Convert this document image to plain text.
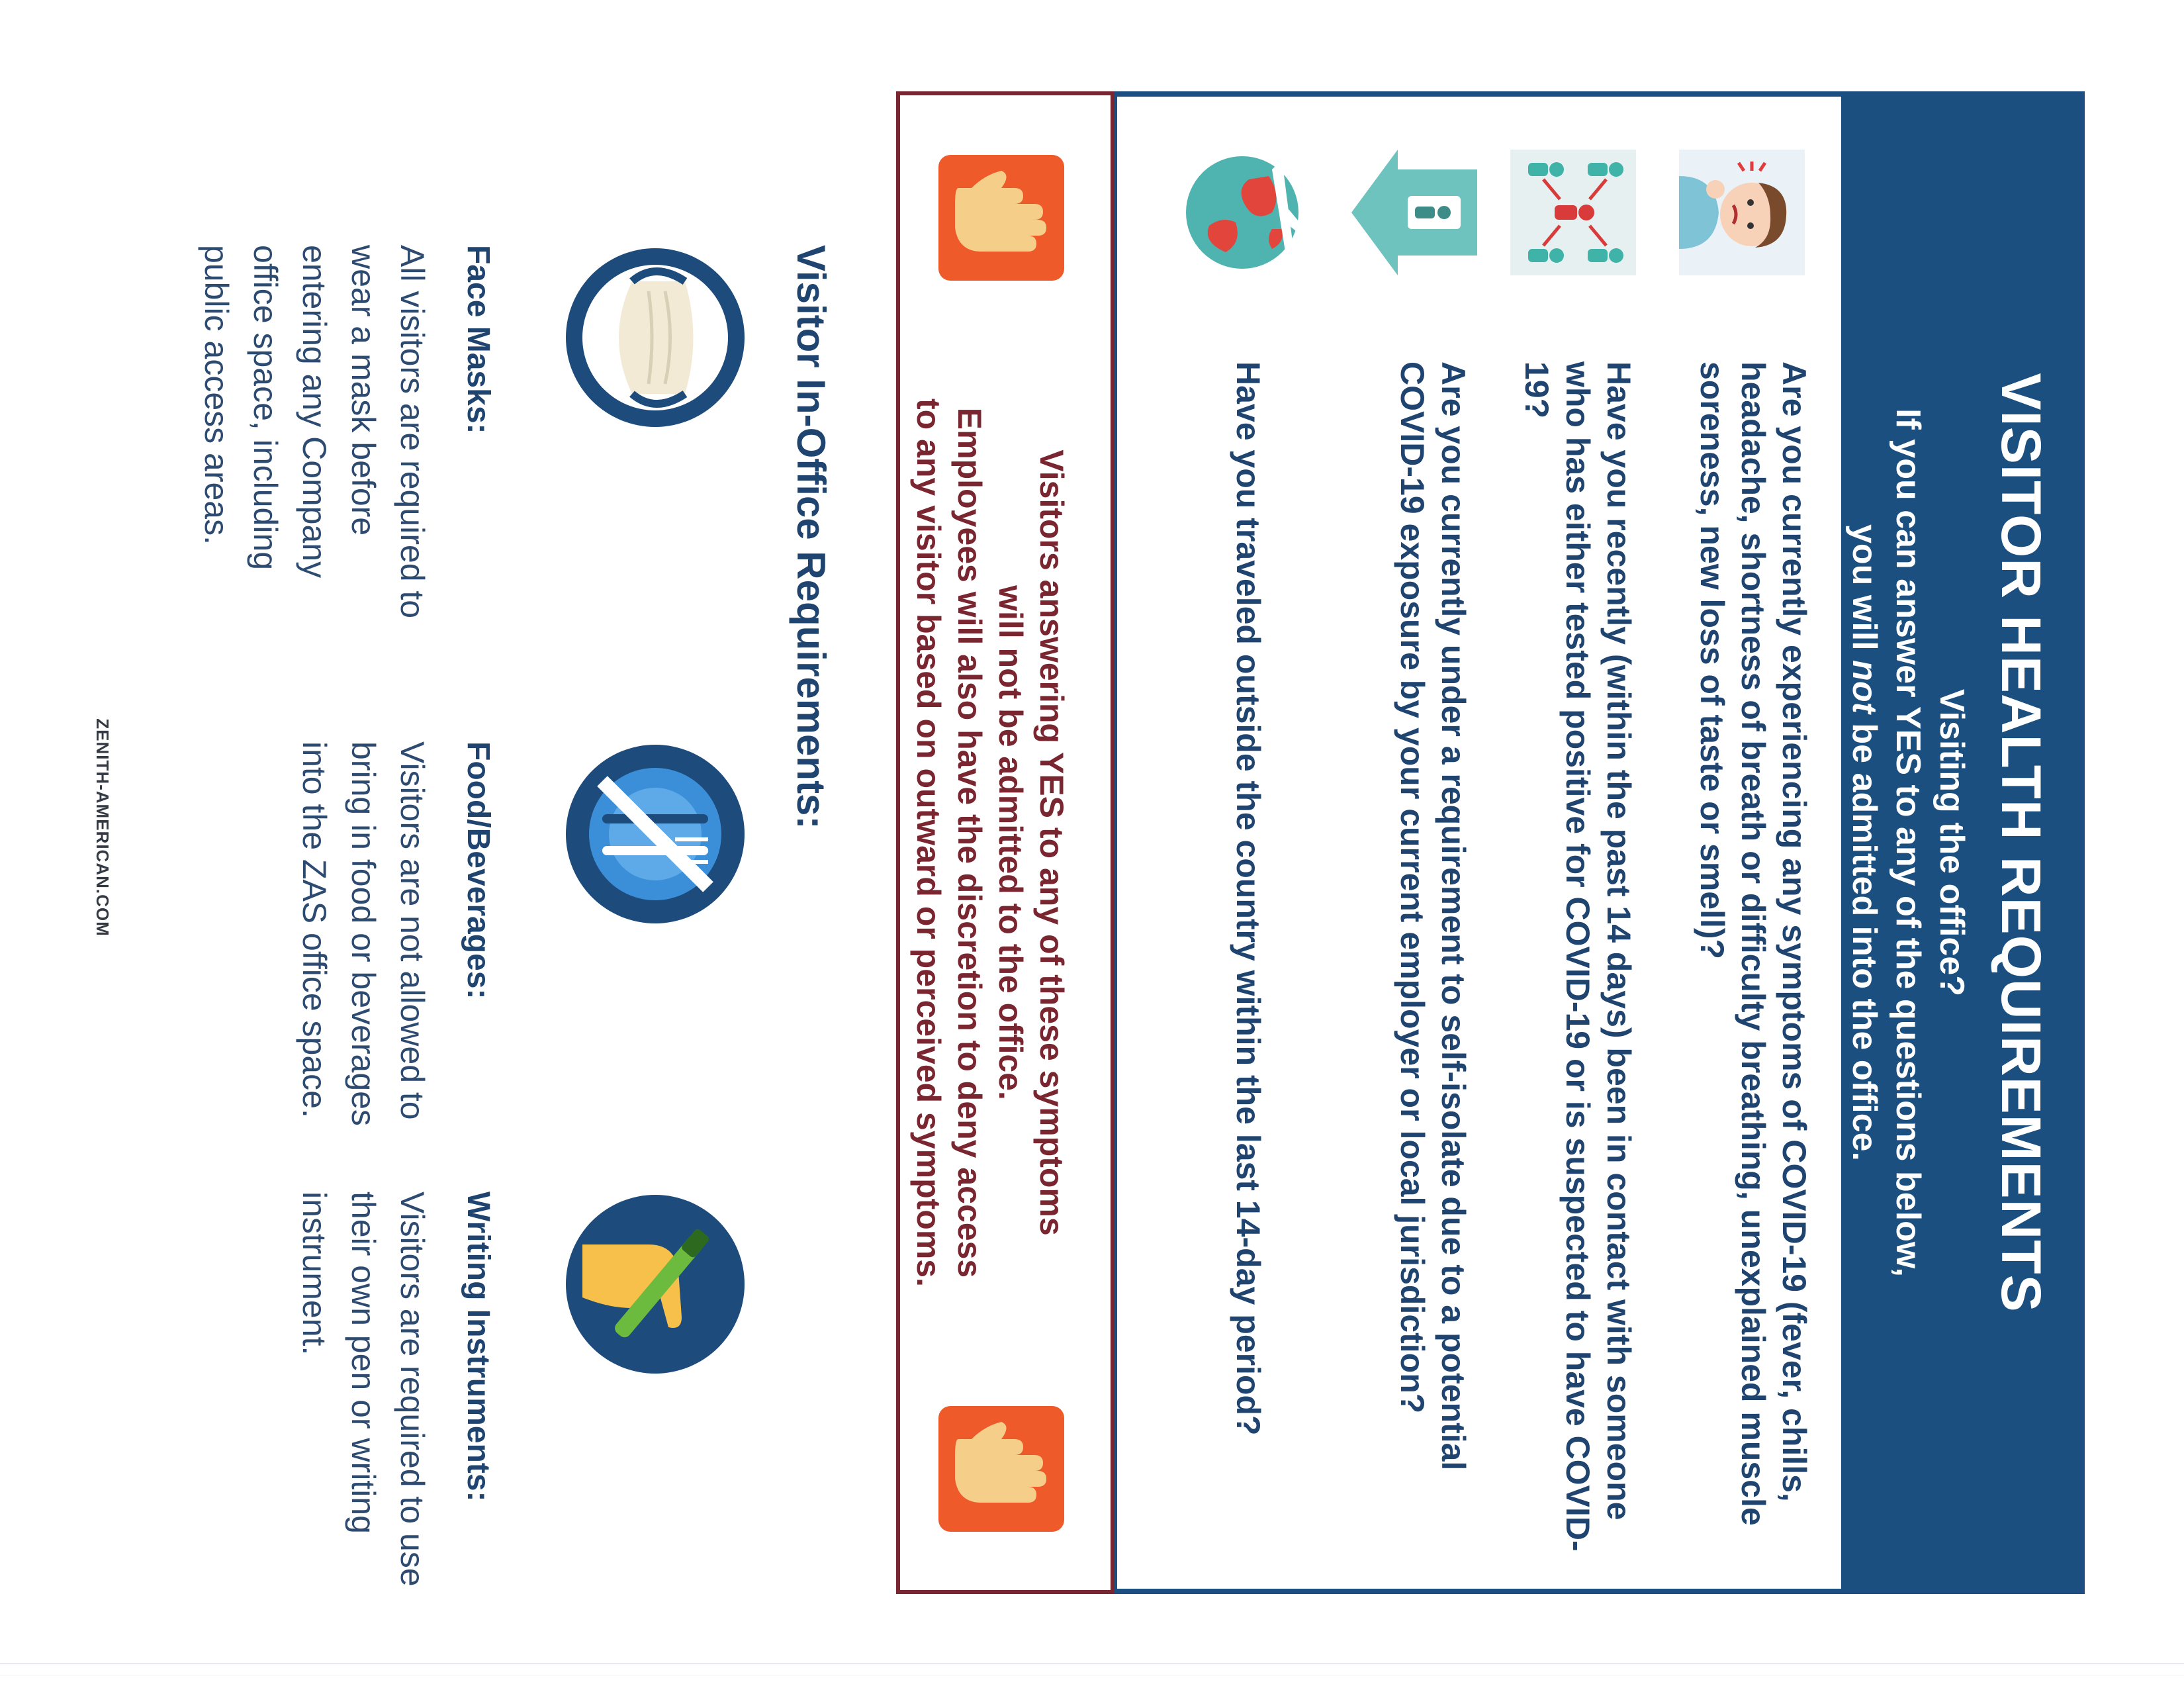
VISITOR HEALTH REQUIREMENTS
Visiting the office?
If you can answer YES to any of the questions below,
you will not be admitted into the office.
Are you currently experiencing any symptoms of COVID-19 (fever, chills, headache, shortness of breath or difficulty breathing, unexplained muscle soreness, new loss of taste or smell)?
Have you recently (within the past 14 days) been in contact with someone who has either tested positive for COVID-19 or is suspected to have COVID-19?
Are you currently under a requirement to self-isolate due to a potential COVID-19 exposure by your current employer or local jurisdiction?
Have you traveled outside the country within the last 14-day period?
Visitors answering YES to any of these symptoms
will not be admitted to the office.
Employees will also have the discretion to deny access
to any visitor based on outward or perceived symptoms.
Visitor In-Office Requirements:
Face Masks:
All visitors are required to wear a mask before entering any Company office space, including public access areas.
Food/Beverages:
Visitors are not allowed to bring in food or beverages into the ZAS office space.
Writing Instruments:
Visitors are required to use their own pen or writing instrument.
ZENITH-AMERICAN.COM
